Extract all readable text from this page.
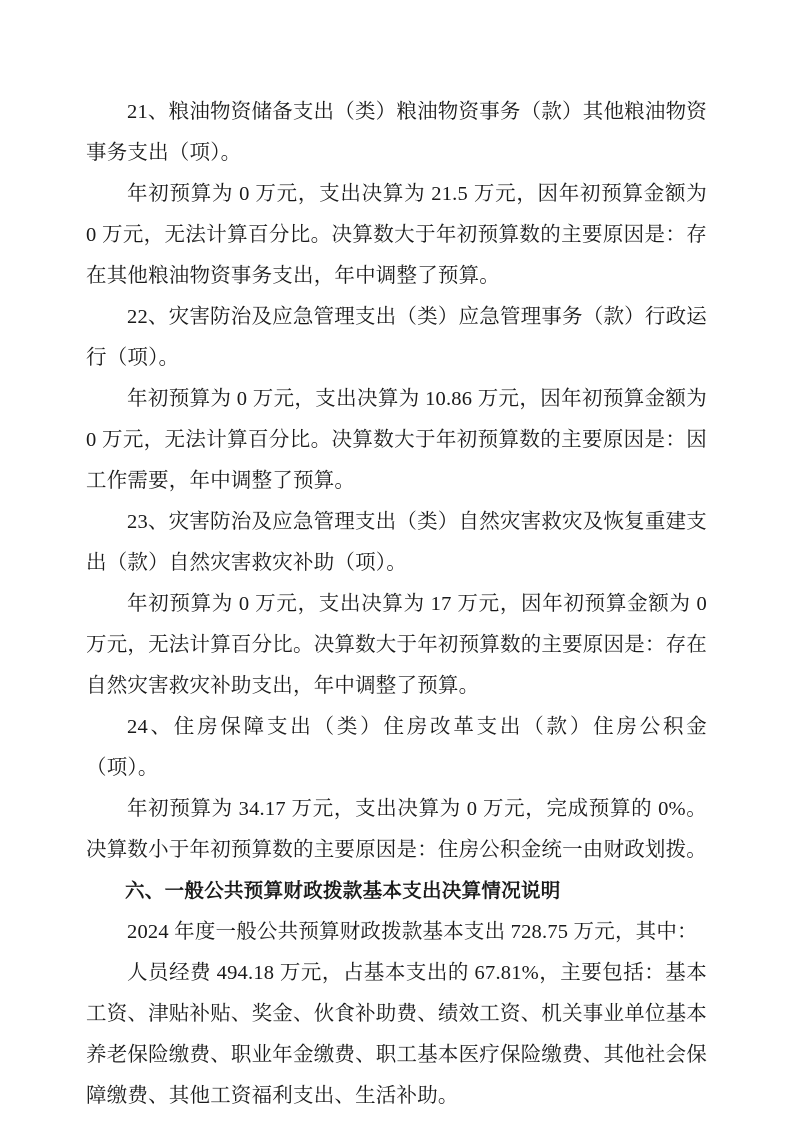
21、粮油物资储备支出（类）粮油物资事务（款）其他粮油物资事务支出（项）。

年初预算为 0 万元，支出决算为 21.5 万元，因年初预算金额为 0 万元，无法计算百分比。决算数大于年初预算数的主要原因是：存在其他粮油物资事务支出，年中调整了预算。

22、灾害防治及应急管理支出（类）应急管理事务（款）行政运行（项）。

年初预算为 0 万元，支出决算为 10.86 万元，因年初预算金额为 0 万元，无法计算百分比。决算数大于年初预算数的主要原因是：因工作需要，年中调整了预算。

23、灾害防治及应急管理支出（类）自然灾害救灾及恢复重建支出（款）自然灾害救灾补助（项）。

年初预算为 0 万元，支出决算为 17 万元，因年初预算金额为 0 万元，无法计算百分比。决算数大于年初预算数的主要原因是：存在自然灾害救灾补助支出，年中调整了预算。

24、住房保障支出（类）住房改革支出（款）住房公积金（项）。

年初预算为 34.17 万元，支出决算为 0 万元，完成预算的 0%。决算数小于年初预算数的主要原因是：住房公积金统一由财政划拨。

六、一般公共预算财政拨款基本支出决算情况说明

2024 年度一般公共预算财政拨款基本支出 728.75 万元，其中：

人员经费 494.18 万元，占基本支出的 67.81%，主要包括：基本工资、津贴补贴、奖金、伙食补助费、绩效工资、机关事业单位基本养老保险缴费、职业年金缴费、职工基本医疗保险缴费、其他社会保障缴费、其他工资福利支出、生活补助。
